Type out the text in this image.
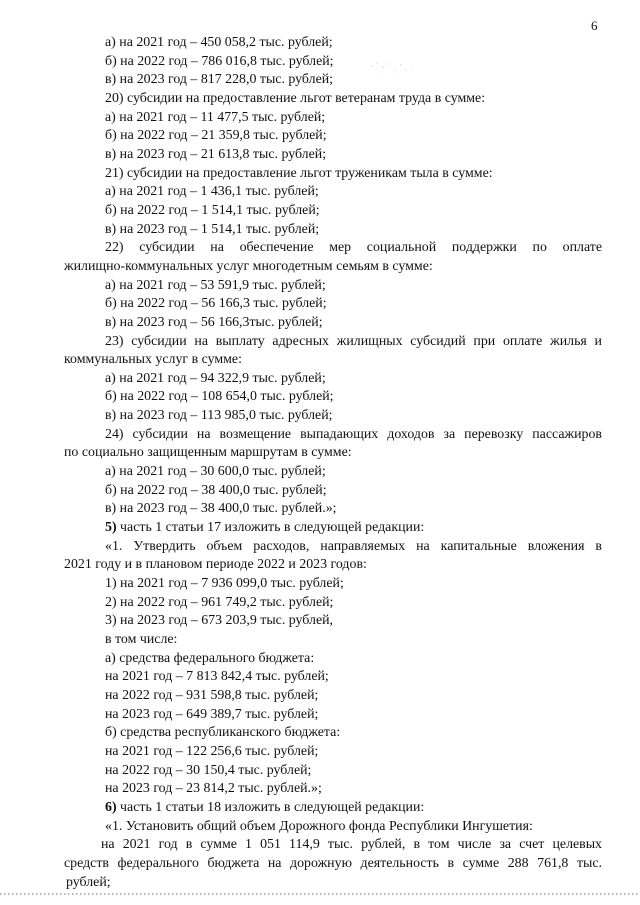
6
а) на 2021 год – 450 058,2 тыс. рублей;
б) на 2022 год – 786 016,8 тыс. рублей;
в) на 2023 год – 817 228,0 тыс. рублей;
20) субсидии на предоставление льгот ветеранам труда в сумме:
а) на 2021 год – 11 477,5 тыс. рублей;
б) на 2022 год – 21 359,8 тыс. рублей;
в) на 2023 год – 21 613,8 тыс. рублей;
21) субсидии на предоставление льгот труженикам тыла в сумме:
а) на 2021 год – 1 436,1 тыс. рублей;
б) на 2022 год – 1 514,1 тыс. рублей;
в) на 2023 год – 1 514,1 тыс. рублей;
22) субсидии на обеспечение мер социальной поддержки по оплате
жилищно-коммунальных услуг многодетным семьям в сумме:
а) на 2021 год – 53 591,9 тыс. рублей;
б) на 2022 год – 56 166,3 тыс. рублей;
в) на 2023 год – 56 166,3тыс. рублей;
23) субсидии на выплату адресных жилищных субсидий при оплате жилья и
коммунальных услуг в сумме:
а) на 2021 год – 94 322,9 тыс. рублей;
б) на 2022 год – 108 654,0 тыс. рублей;
в) на 2023 год – 113 985,0 тыс. рублей;
24) субсидии на возмещение выпадающих доходов за перевозку пассажиров
по социально защищенным маршрутам в сумме:
а) на 2021 год – 30 600,0 тыс. рублей;
б) на 2022 год – 38 400,0 тыс. рублей;
в) на 2023 год – 38 400,0 тыс. рублей.»;
5) часть 1 статьи 17 изложить в следующей редакции:
«1. Утвердить объем расходов, направляемых на капитальные вложения в
2021 году и в плановом периоде 2022 и 2023 годов:
1) на 2021 год – 7 936 099,0 тыс. рублей;
2) на 2022 год – 961 749,2 тыс. рублей;
3) на 2023 год – 673 203,9 тыс. рублей,
в том числе:
а) средства федерального бюджета:
на 2021 год – 7 813 842,4 тыс. рублей;
на 2022 год – 931 598,8 тыс. рублей;
на 2023 год – 649 389,7 тыс. рублей;
б) средства республиканского бюджета:
на 2021 год – 122 256,6 тыс. рублей;
на 2022 год – 30 150,4 тыс. рублей;
на 2023 год – 23 814,2 тыс. рублей.»;
6) часть 1 статьи 18 изложить в следующей редакции:
«1. Установить общий объем Дорожного фонда Республики Ингушетия:
на 2021 год в сумме 1 051 114,9 тыс. рублей, в том числе за счет целевых
средств федерального бюджета на дорожную деятельность в сумме 288 761,8 тыс.
рублей;
